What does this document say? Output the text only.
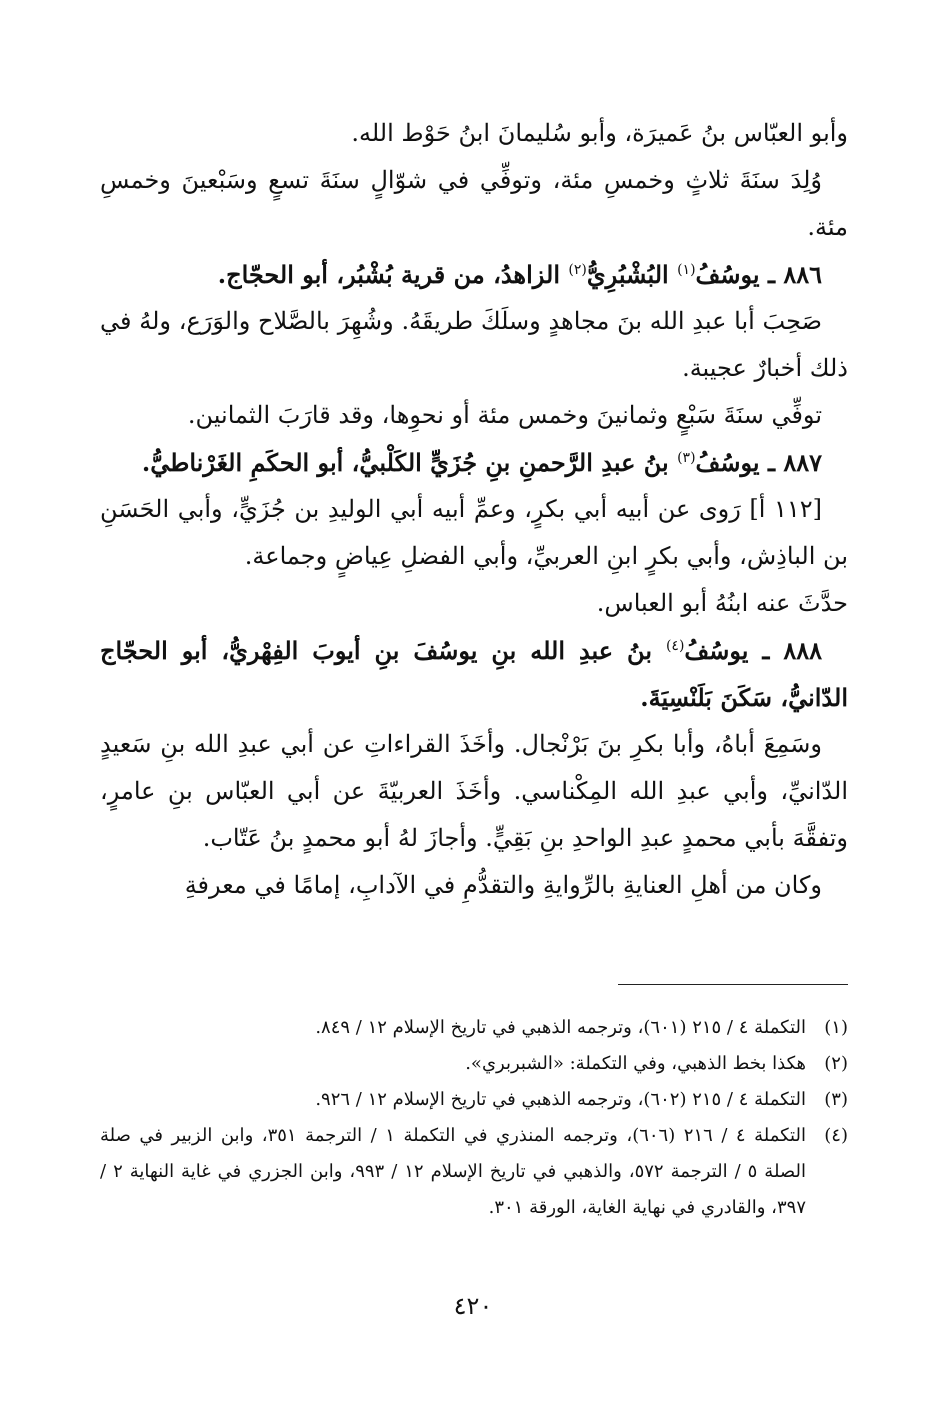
وأبو العبّاس بنُ عَميرَة، وأبو سُليمانَ ابنُ حَوْط الله.

وُلِدَ سنَةَ ثلاثٍ وخمسِ مئة، وتوفِّي في شوّالٍ سنَةَ تسعٍ وسَبْعينَ وخمسِ مئة.

٨٨٦ ـ يوسُفُ$^{(١)}$ البُشْبُرِيُّ$^{(٢)}$ الزاهدُ، من قرية بُشْبُر، أبو الحجّاج.

صَحِبَ أبا عبدِ الله بنَ مجاهدٍ وسلَكَ طريقَهُ. وشُهِرَ بالصَّلاح والوَرَع، ولهُ في ذلك أخبارٌ عجيبة.

توفِّي سنَةَ سَبْعٍ وثمانينَ وخمس مئة أو نحوِها، وقد قارَبَ الثمانين.

٨٨٧ ـ يوسُفُ$^{(٣)}$ بنُ عبدِ الرَّحمنِ بنِ جُزَيٍّ الكَلْبيُّ، أبو الحكَمِ الغَرْناطيُّ.

[١١٢ أ] رَوى عن أبيه أبي بكرٍ، وعمِّ أبيه أبي الوليدِ بن جُزَيٍّ، وأبي الحَسَنِ بن الباذِش، وأبي بكرٍ ابنِ العربيِّ، وأبي الفضلِ عِياضٍ وجماعة.

حدَّثَ عنه ابنُهُ أبو العباس.

٨٨٨ ـ يوسُفُ$^{(٤)}$ بنُ عبدِ الله بنِ يوسُفَ بنِ أيوبَ الفِهْريُّ، أبو الحجّاج الدّانيُّ، سَكَنَ بَلَنْسِيَةَ.

وسَمِعَ أباهُ، وأبا بكرِ بنَ بَرْنْجال. وأخَذَ القراءاتِ عن أبي عبدِ الله بنِ سَعيدٍ الدّانيِّ، وأبي عبدِ الله المِكْناسي. وأخَذَ العربيّةَ عن أبي العبّاس بنِ عامرٍ، وتفقَّهَ بأبي محمدٍ عبدِ الواحدِ بنِ بَقِيٍّ. وأجازَ لهُ أبو محمدٍ بنُ عَتّاب.

وكان من أهلِ العنايةِ بالرِّوايةِ والتقدُّمِ في الآدابِ، إمامًا في معرفةِ

(١)
التكملة ٤ / ٢١٥ (٦٠١)، وترجمه الذهبي في تاريخ الإسلام ١٢ / ٨٤٩.
(٢)
هكذا بخط الذهبي، وفي التكملة: «الشبربري».
(٣)
التكملة ٤ / ٢١٥ (٦٠٢)، وترجمه الذهبي في تاريخ الإسلام ١٢ / ٩٢٦.
(٤)
التكملة ٤ / ٢١٦ (٦٠٦)، وترجمه المنذري في التكملة ١ / الترجمة ٣٥١، وابن الزبير في صلة الصلة ٥ / الترجمة ٥٧٢، والذهبي في تاريخ الإسلام ١٢ / ٩٩٣، وابن الجزري في غاية النهاية ٢ / ٣٩٧، والقادري في نهاية الغاية، الورقة ٣٠١.
٤٢٠
